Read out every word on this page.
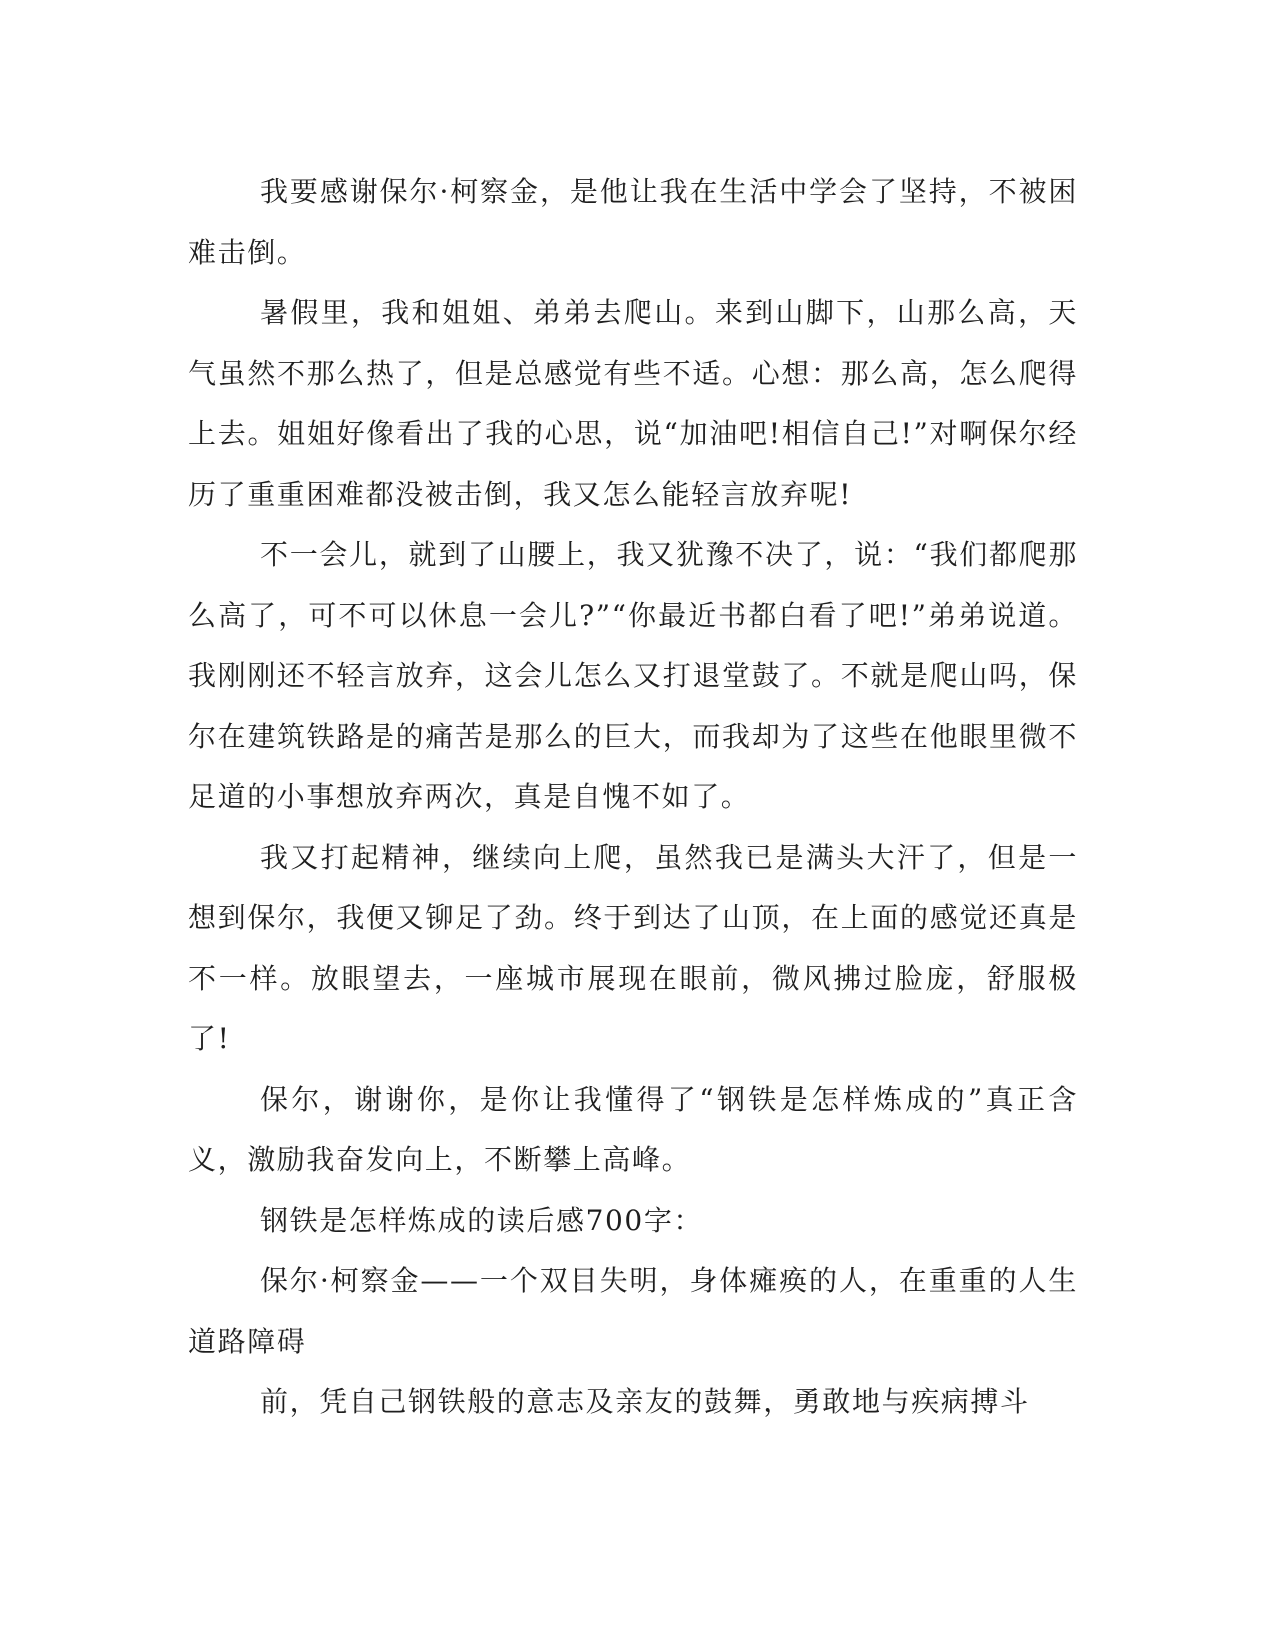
我要感谢保尔·柯察金，是他让我在生活中学会了坚持，不被困难击倒。

暑假里，我和姐姐、弟弟去爬山。来到山脚下，山那么高，天气虽然不那么热了，但是总感觉有些不适。心想：那么高，怎么爬得上去。姐姐好像看出了我的心思，说“加油吧!相信自己!”对啊保尔经历了重重困难都没被击倒，我又怎么能轻言放弃呢!

不一会儿，就到了山腰上，我又犹豫不决了，说：“我们都爬那么高了，可不可以休息一会儿?”“你最近书都白看了吧!”弟弟说道。我刚刚还不轻言放弃，这会儿怎么又打退堂鼓了。不就是爬山吗，保尔在建筑铁路是的痛苦是那么的巨大，而我却为了这些在他眼里微不足道的小事想放弃两次，真是自愧不如了。

我又打起精神，继续向上爬，虽然我已是满头大汗了，但是一想到保尔，我便又铆足了劲。终于到达了山顶，在上面的感觉还真是不一样。放眼望去，一座城市展现在眼前，微风拂过脸庞，舒服极了!

保尔，谢谢你，是你让我懂得了“钢铁是怎样炼成的”真正含义，激励我奋发向上，不断攀上高峰。

钢铁是怎样炼成的读后感700字：

保尔·柯察金——一个双目失明，身体瘫痪的人，在重重的人生道路障碍

前，凭自己钢铁般的意志及亲友的鼓舞，勇敢地与疾病搏斗
